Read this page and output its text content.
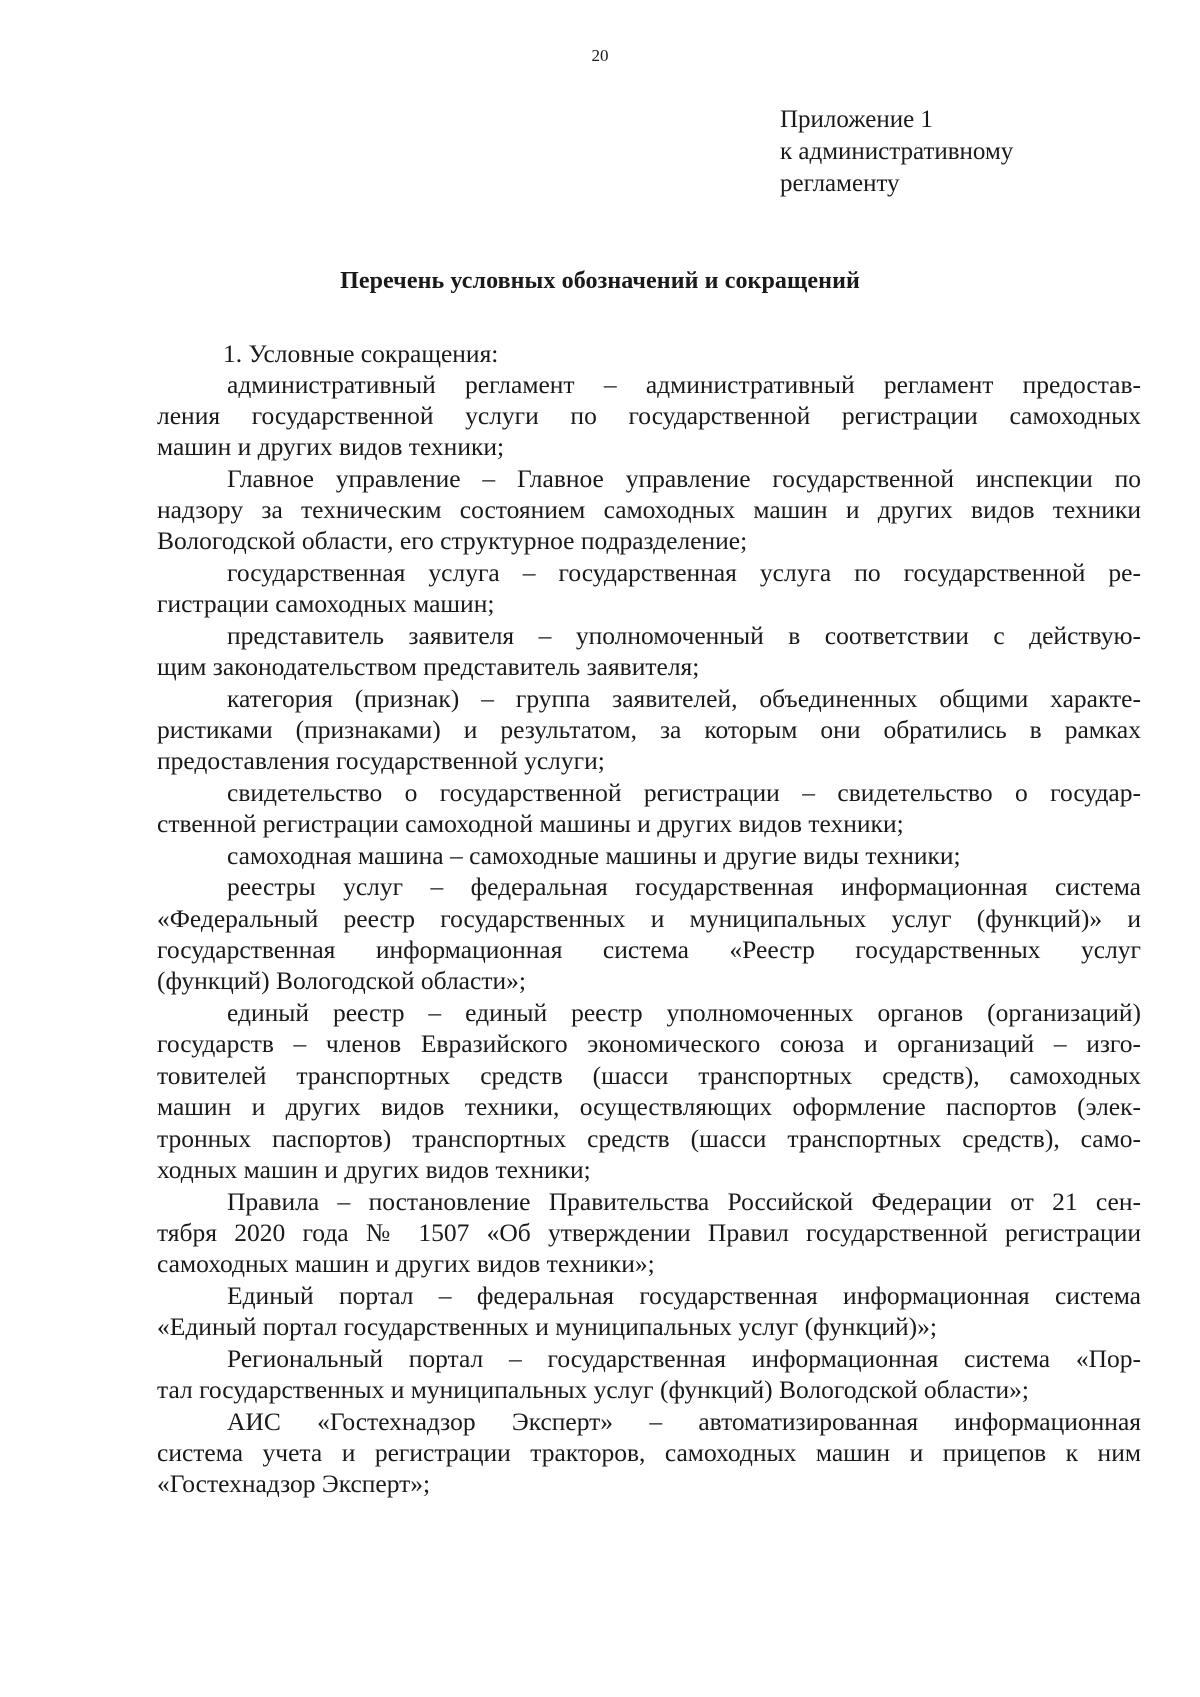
20
Приложение 1
к административному
регламенту
Перечень условных обозначений и сокращений
1. Условные сокращения:
административный регламент – административный регламент предостав-
ления государственной услуги по государственной регистрации самоходных
машин и других видов техники;
Главное управление – Главное управление государственной инспекции по
надзору за техническим состоянием самоходных машин и других видов техники
Вологодской области, его структурное подразделение;
государственная услуга – государственная услуга по государственной ре-
гистрации самоходных машин;
представитель заявителя – уполномоченный в соответствии с действую-
щим законодательством представитель заявителя;
категория (признак) – группа заявителей, объединенных общими характе-
ристиками (признаками) и результатом, за которым они обратились в рамках
предоставления государственной услуги;
свидетельство о государственной регистрации – свидетельство о государ-
ственной регистрации самоходной машины и других видов техники;
самоходная машина – самоходные машины и другие виды техники;
реестры услуг – федеральная государственная информационная система
«Федеральный реестр государственных и муниципальных услуг (функций)» и
государственная информационная система «Реестр государственных услуг
(функций) Вологодской области»;
единый реестр – единый реестр уполномоченных органов (организаций)
государств – членов Евразийского экономического союза и организаций – изго-
товителей транспортных средств (шасси транспортных средств), самоходных
машин и других видов техники, осуществляющих оформление паспортов (элек-
тронных паспортов) транспортных средств (шасси транспортных средств), само-
ходных машин и других видов техники;
Правила – постановление Правительства Российской Федерации от 21 сен-
тября 2020 года № 1507 «Об утверждении Правил государственной регистрации
самоходных машин и других видов техники»;
Единый портал – федеральная государственная информационная система
«Единый портал государственных и муниципальных услуг (функций)»;
Региональный портал – государственная информационная система «Пор-
тал государственных и муниципальных услуг (функций) Вологодской области»;
АИС «Гостехнадзор Эксперт» – автоматизированная информационная
система учета и регистрации тракторов, самоходных машин и прицепов к ним
«Гостехнадзор Эксперт»;
